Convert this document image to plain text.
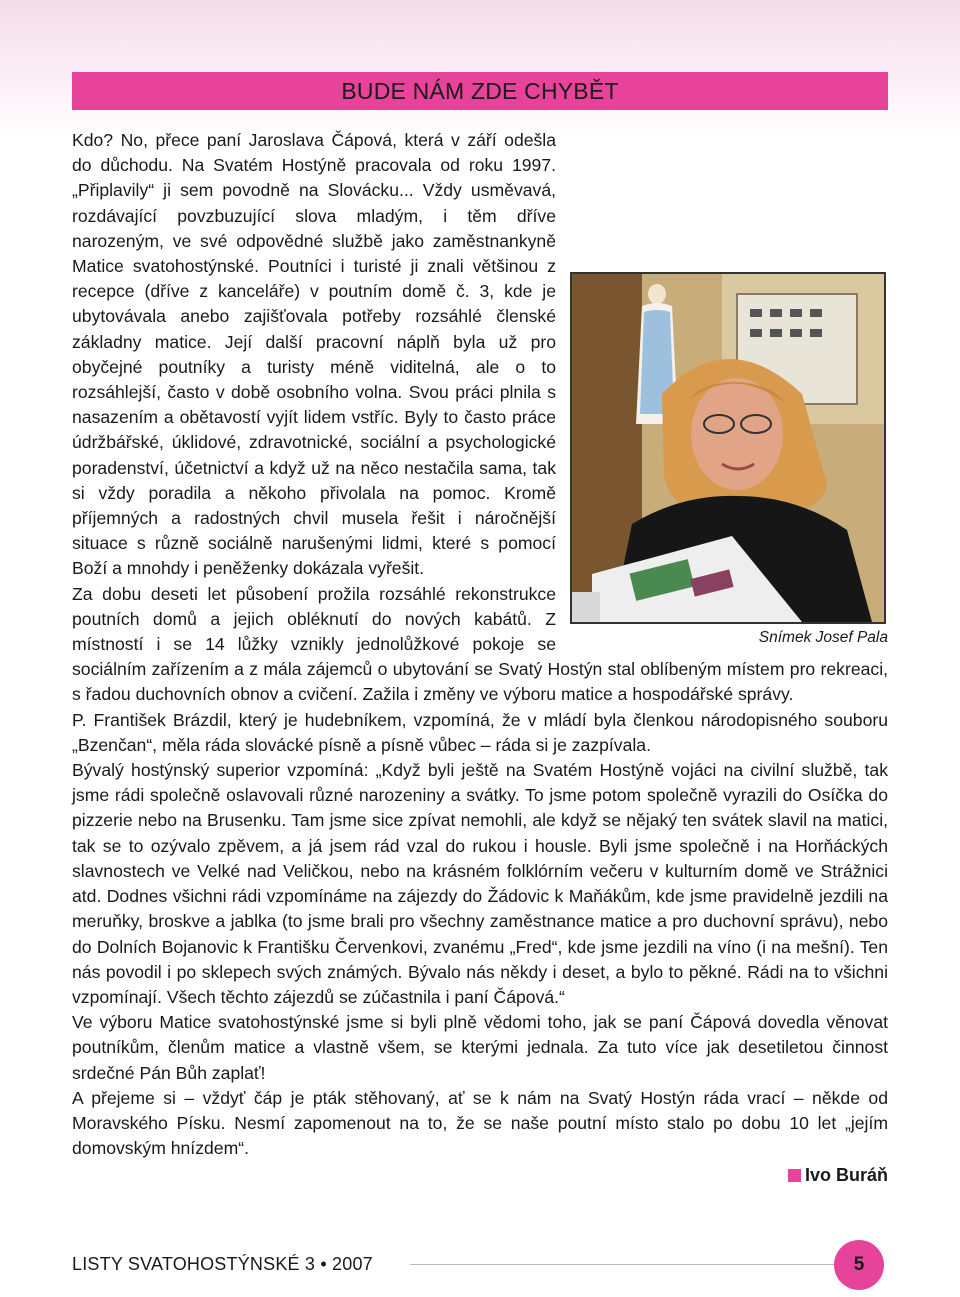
BUDE NÁM ZDE CHYBĚT
Snímek Josef Pala

Kdo? No, přece paní Jaroslava Čápová, která v září odešla do důchodu. Na Svatém Hostýně pracovala od roku 1997. „Připlavily“ ji sem povodně na Slovácku... Vždy usměvavá, rozdávající povzbuzující slova mladým, i těm dříve narozeným, ve své odpovědné službě jako zaměstnankyně Matice svatohostýnské. Poutníci i turisté ji znali většinou z recepce (dříve z kanceláře) v poutním domě č. 3, kde je ubytovávala anebo zajišťovala potřeby rozsáhlé členské základny matice. Její další pracovní náplň byla už pro obyčejné poutníky a turisty méně viditelná, ale o to rozsáhlejší, často v době osobního volna. Svou práci plnila s nasazením a obětavostí vyjít lidem vstříc. Byly to často práce údržbářské, úklidové, zdravotnické, sociální a psychologické poradenství, účetnictví a když už na něco nestačila sama, tak si vždy poradila a někoho přivolala na pomoc. Kromě příjemných a radostných chvil musela řešit i náročnější situace s různě sociálně narušenými lidmi, které s pomocí Boží a mnohdy i peněženky dokázala vyřešit.

Za dobu deseti let působení prožila rozsáhlé rekonstrukce poutních domů a jejich obléknutí do nových kabátů. Z místností i se 14 lůžky vznikly jednolůžkové pokoje se sociálním zařízením a z mála zájemců o ubytování se Svatý Hostýn stal oblíbeným místem pro rekreaci, s řadou duchovních obnov a cvičení. Zažila i změny ve výboru matice a hospodářské správy.

P. František Brázdil, který je hudebníkem, vzpomíná, že v mládí byla členkou národopisného souboru „Bzenčan“, měla ráda slovácké písně a písně vůbec – ráda si je zazpívala.

Bývalý hostýnský superior vzpomíná: „Když byli ještě na Svatém Hostýně vojáci na civilní službě, tak jsme rádi společně oslavovali různé narozeniny a svátky. To jsme potom společně vyrazili do Osíčka do pizzerie nebo na Brusenku. Tam jsme sice zpívat nemohli, ale když se nějaký ten svátek slavil na matici, tak se to ozývalo zpěvem, a já jsem rád vzal do rukou i housle. Byli jsme společně i na Horňáckých slavnostech ve Velké nad Veličkou, nebo na krásném folklórním večeru v kulturním domě ve Strážnici atd. Dodnes všichni rádi vzpomínáme na zájezdy do Žádovic k Maňákům, kde jsme pravidelně jezdili na meruňky, broskve a jablka (to jsme brali pro všechny zaměstnance matice a pro duchovní správu), nebo do Dolních Bojanovic k Františku Červenkovi, zvanému „Fred“, kde jsme jezdili na víno (i na mešní). Ten nás povodil i po sklepech svých známých. Bývalo nás někdy i deset, a bylo to pěkné. Rádi na to všichni vzpomínají. Všech těchto zájezdů se zúčastnila i paní Čápová.“

Ve výboru Matice svatohostýnské jsme si byli plně vědomi toho, jak se paní Čápová dovedla věnovat poutníkům, členům matice a vlastně všem, se kterými jednala. Za tuto více jak desetiletou činnost srdečné Pán Bůh zaplať!

A přejeme si – vždyť čáp je pták stěhovaný, ať se k nám na Svatý Hostýn ráda vrací – někde od Moravského Písku. Nesmí zapomenout na to, že se naše poutní místo stalo po dobu 10 let „jejím domovským hnízdem“.

Ivo Buráň
LISTY SVATOHOSTÝNSKÉ 3 • 2007	5
